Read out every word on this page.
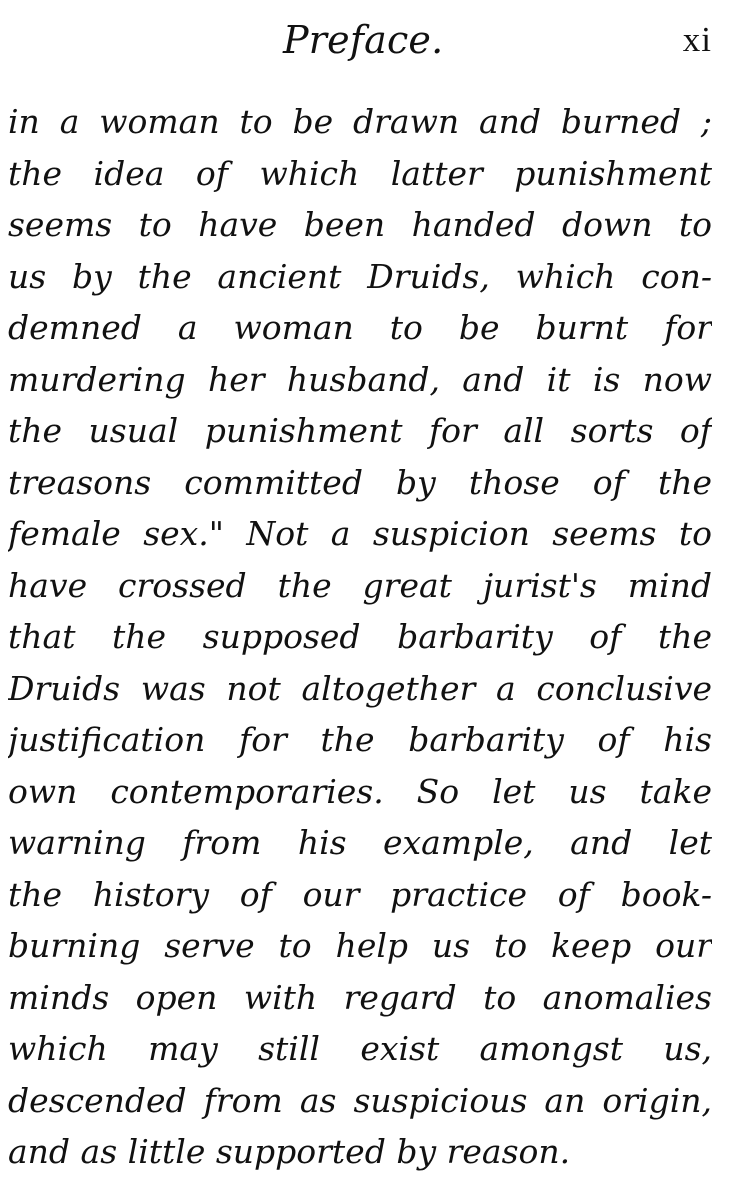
Preface.	xi
in a woman to be drawn and burned ;
the idea of which latter punishment
seems to have been handed down to
us by the ancient Druids, which con-
demned a woman to be burnt for
murdering her husband, and it is now
the usual punishment for all sorts of
treasons committed by those of the
female sex." Not a suspicion seems to
have crossed the great jurist's mind
that the supposed barbarity of the
Druids was not altogether a conclusive
justification for the barbarity of his
own contemporaries. So let us take
warning from his example, and let
the history of our practice of book-
burning serve to help us to keep our
minds open with regard to anomalies
which may still exist amongst us,
descended from as suspicious an origin,
and as little supported by reason.
